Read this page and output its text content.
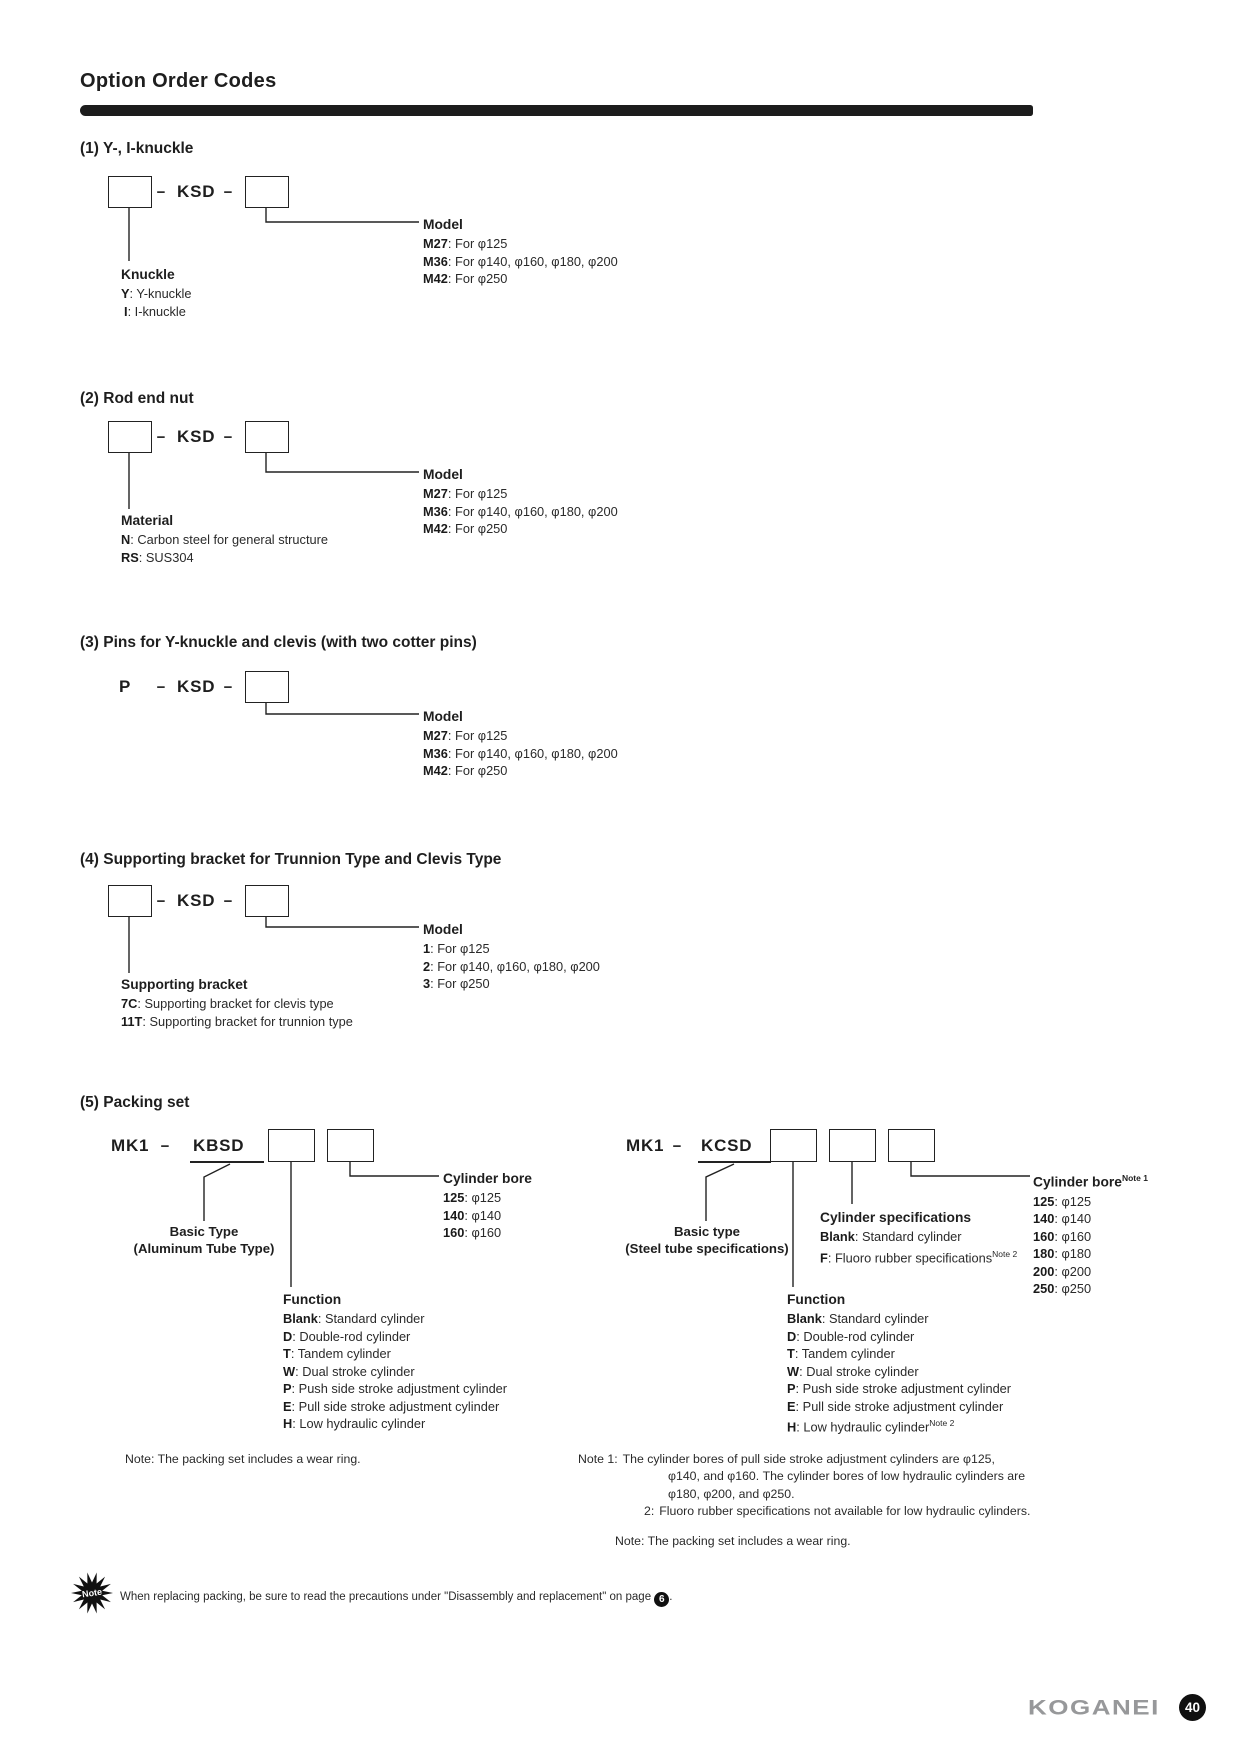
Option Order Codes
(1) Y-, I-knuckle
− KSD −
Knuckle
Y: Y-knuckle
I: I-knuckle
Model
M27: For φ125
M36: For φ140, φ160, φ180, φ200
M42: For φ250
(2) Rod end nut
− KSD −
Material
N: Carbon steel for general structure
RS: SUS304
Model
M27: For φ125
M36: For φ140, φ160, φ180, φ200
M42: For φ250
(3) Pins for Y-knuckle and clevis (with two cotter pins)
P	− KSD −
Model
M27: For φ125
M36: For φ140, φ160, φ180, φ200
M42: For φ250
(4) Supporting bracket for Trunnion Type and Clevis Type
− KSD −
Supporting bracket
7C: Supporting bracket for clevis type
11T: Supporting bracket for trunnion type
Model
1: For φ125
2: For φ140, φ160, φ180, φ200
3: For φ250
(5) Packing set
MK1 − KBSD
Basic Type
(Aluminum Tube Type)
Cylinder bore
125: φ125
140: φ140
160: φ160
Function
Blank: Standard cylinder
D: Double-rod cylinder
T: Tandem cylinder
W: Dual stroke cylinder
P: Push side stroke adjustment cylinder
E: Pull side stroke adjustment cylinder
H: Low hydraulic cylinder
Note: The packing set includes a wear ring.
MK1 − KCSD
Basic type
(Steel tube specifications)
Cylinder specifications
Blank: Standard cylinder
F: Fluoro rubber specifications$^{Note 2}$
Cylinder bore$^{Note 1}$
125: φ125
140: φ140
160: φ160
180: φ180
200: φ200
250: φ250
Function
Blank: Standard cylinder
D: Double-rod cylinder
T: Tandem cylinder
W: Dual stroke cylinder
P: Push side stroke adjustment cylinder
E: Pull side stroke adjustment cylinder
H: Low hydraulic cylinder$^{Note 2}$
Note 1: The cylinder bores of pull side stroke adjustment cylinders are φ125,
φ140, and φ160. The cylinder bores of low hydraulic cylinders are
φ180, φ200, and φ250.
2: Fluoro rubber specifications not available for low hydraulic cylinders.
Note: The packing set includes a wear ring.
Note When replacing packing, be sure to read the precautions under "Disassembly and replacement" on page 6 .
KOGANEI	40
